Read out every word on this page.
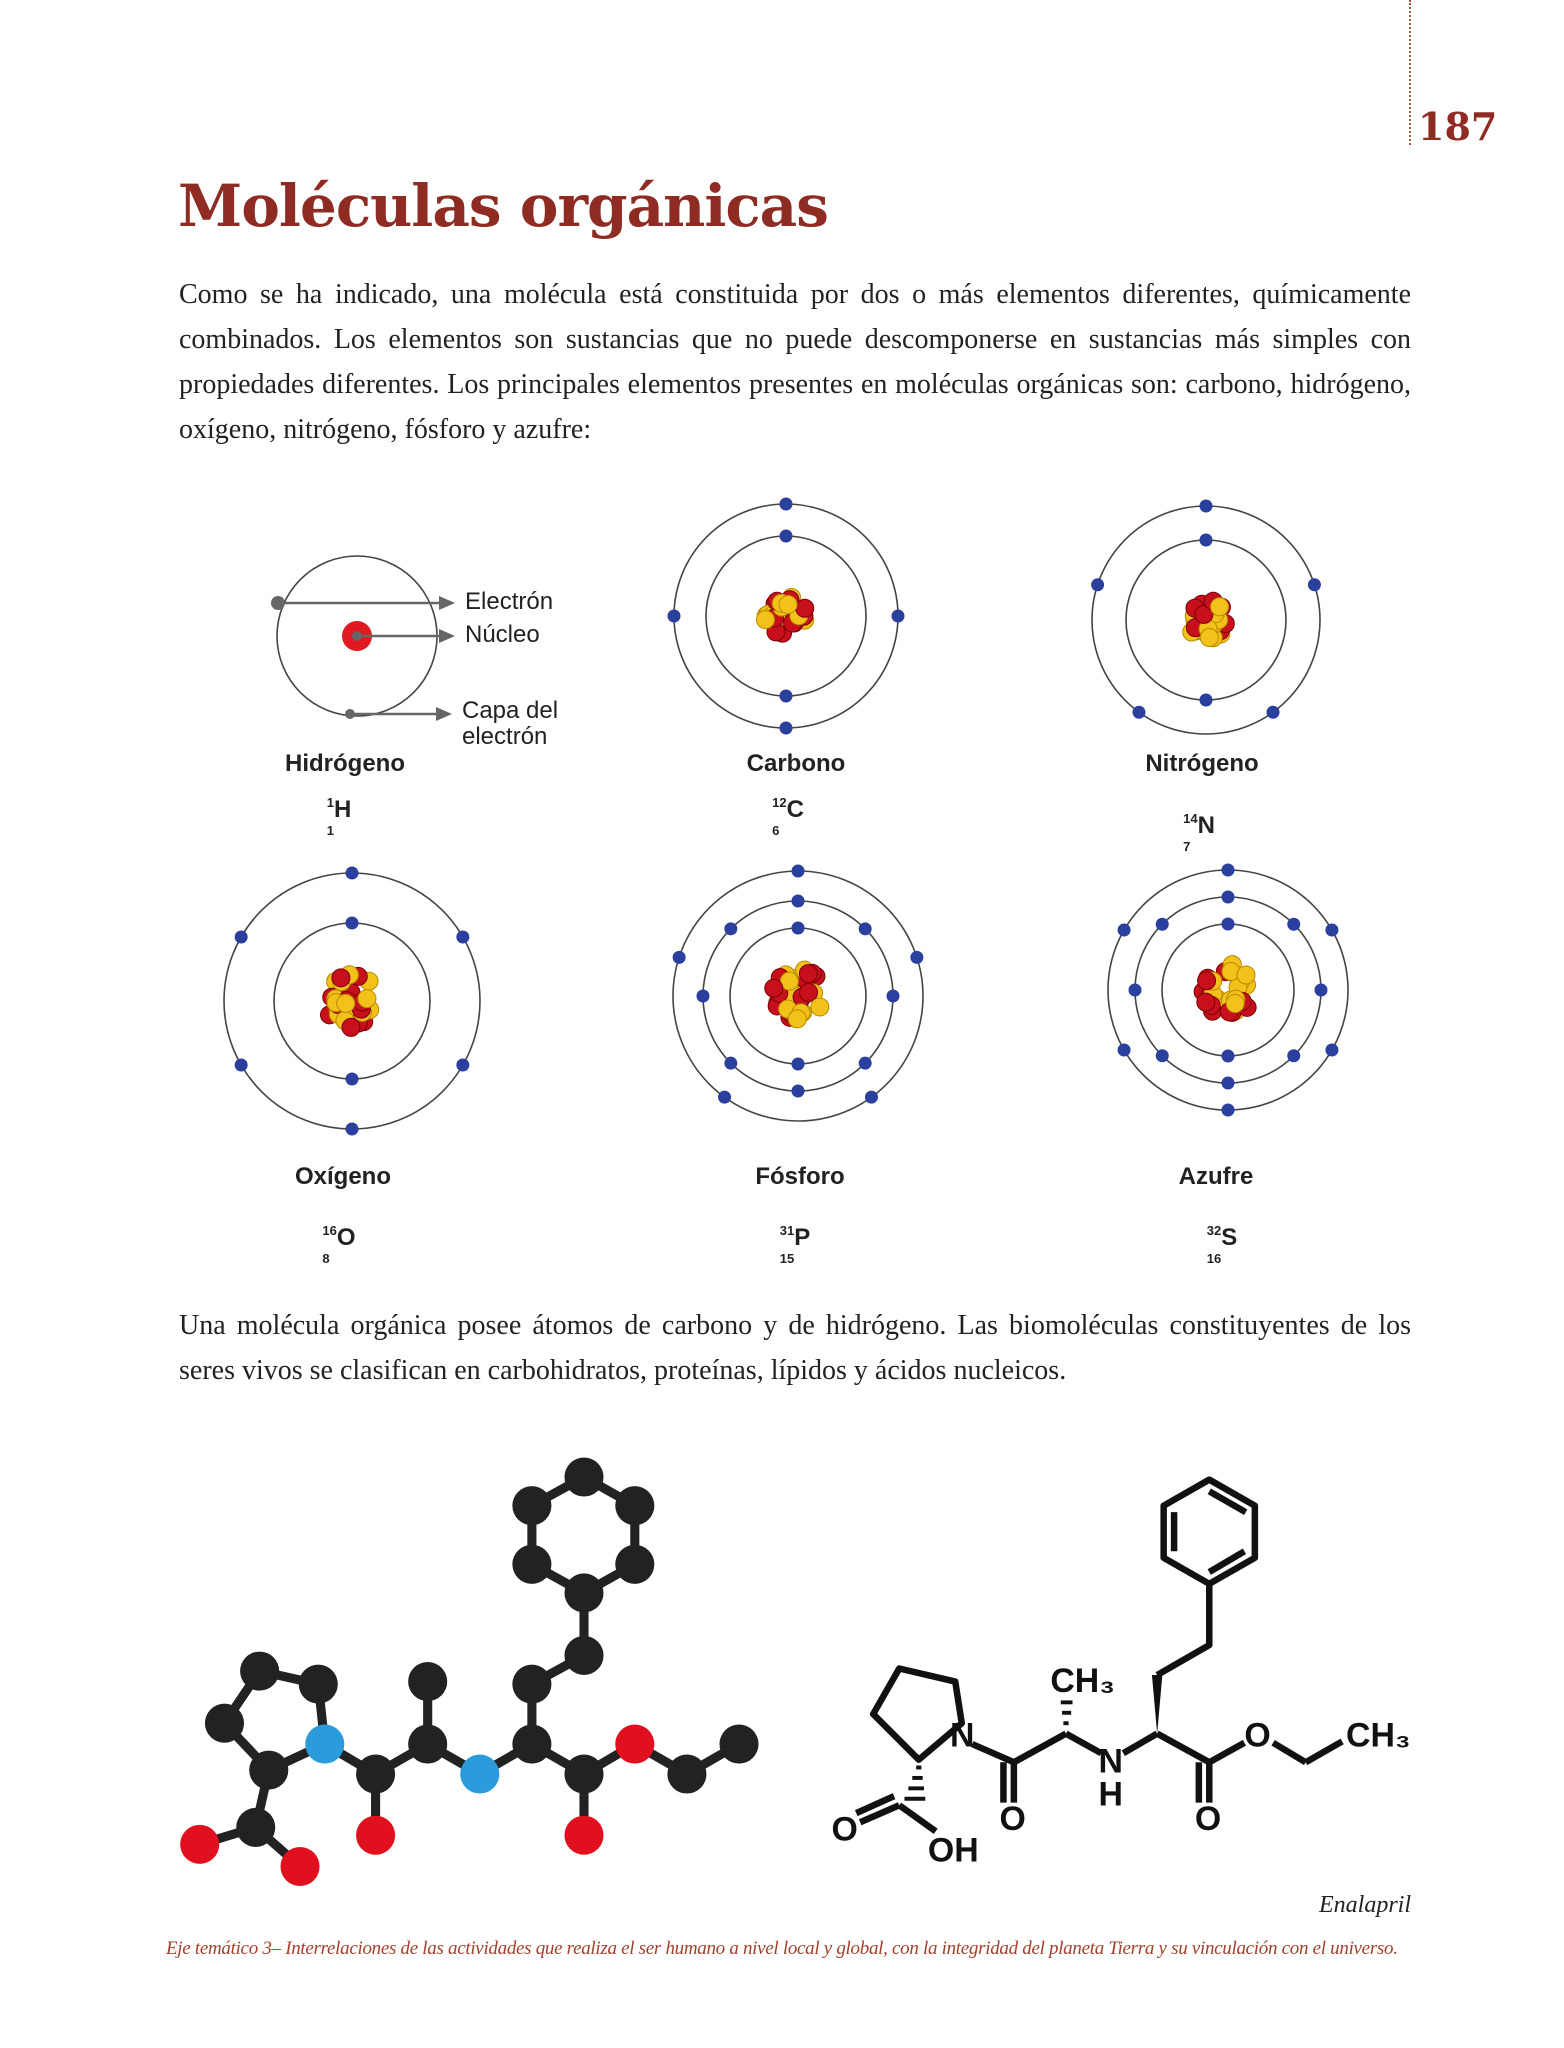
187
Moléculas orgánicas
Como se ha indicado, una molécula está constituida por dos o más elementos diferentes, químicamente combinados. Los elementos son sustancias que no puede descomponerse en sustancias más simples con propiedades diferentes. Los principales elementos presentes en moléculas orgánicas son: carbono, hidrógeno, oxígeno, nitrógeno, fósforo y azufre:
Electrón
Núcleo
Capa del
electrón
Hidrógeno	Carbono	Nitrógeno
Oxígeno	Fósforo	Azufre
$^1$H
1
$^{12}$C
6
$^{14}$N
7
$^{16}$O
8
$^{31}$P
15
$^{32}$S
16
Una molécula orgánica posee átomos de carbono y de hidrógeno. Las biomoléculas constituyentes de los seres vivos se clasifican en carbohidratos, proteínas, lípidos y ácidos nucleicos.
N
N
H
CH₃
CH₃
O
OH
O	O
O
Enalapril
Eje temático 3– Interrelaciones de las actividades que realiza el ser humano a nivel local y global, con la integridad del planeta Tierra y su vinculación con el universo.
